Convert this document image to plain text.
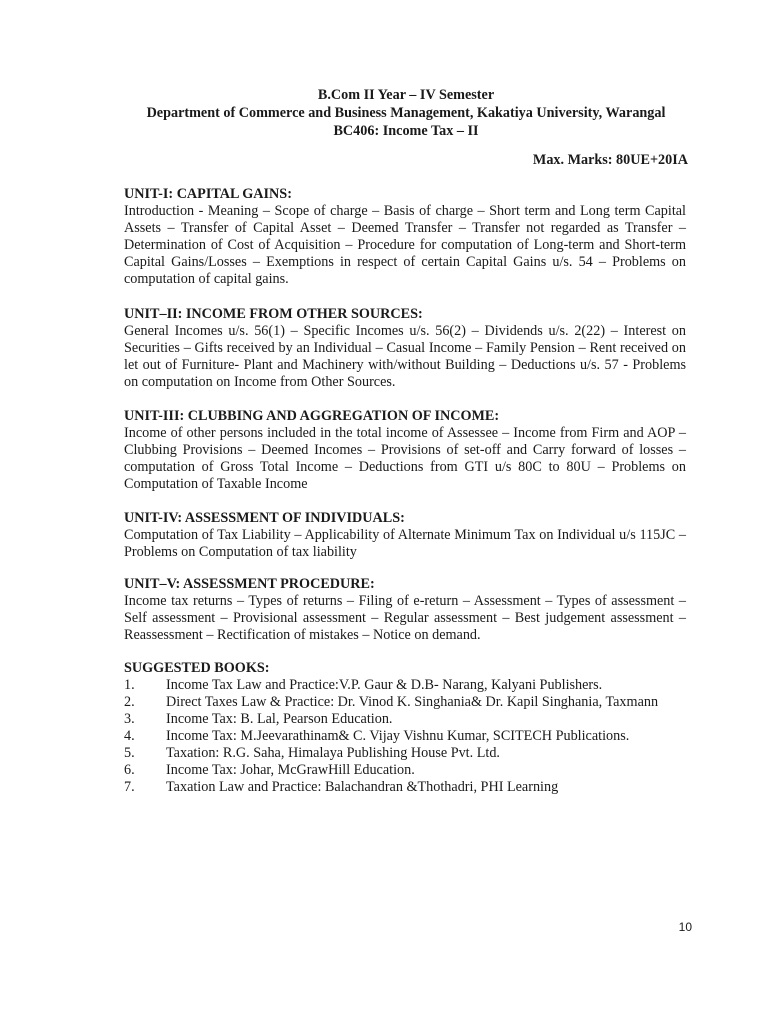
B.Com II Year – IV Semester
Department of Commerce and Business Management, Kakatiya University, Warangal
BC406: Income Tax – II
Max. Marks: 80UE+20IA
UNIT-I: CAPITAL GAINS:

Introduction - Meaning – Scope of charge – Basis of charge – Short term and Long term Capital Assets – Transfer of Capital Asset – Deemed Transfer – Transfer not regarded as Transfer – Determination of Cost of Acquisition – Procedure for computation of Long-term and Short-term Capital Gains/Losses – Exemptions in respect of certain Capital Gains u/s. 54 – Problems on computation of capital gains.

UNIT–II: INCOME FROM OTHER SOURCES:

General Incomes u/s. 56(1) – Specific Incomes u/s. 56(2) – Dividends u/s. 2(22) – Interest on Securities – Gifts received by an Individual – Casual Income – Family Pension – Rent received on let out of Furniture- Plant and Machinery with/without Building – Deductions u/s. 57 - Problems on computation on Income from Other Sources.

UNIT-III: CLUBBING AND AGGREGATION OF INCOME:

Income of other persons included in the total income of Assessee – Income from Firm and AOP – Clubbing Provisions – Deemed Incomes – Provisions of set-off and Carry forward of losses – computation of Gross Total Income – Deductions from GTI u/s 80C to 80U – Problems on Computation of Taxable Income

UNIT-IV: ASSESSMENT OF INDIVIDUALS:

Computation of Tax Liability – Applicability of Alternate Minimum Tax on Individual u/s 115JC – Problems on Computation of tax liability

UNIT–V: ASSESSMENT PROCEDURE:

Income tax returns – Types of returns – Filing of e-return – Assessment – Types of assessment – Self assessment – Provisional assessment – Regular assessment – Best judgement assessment – Reassessment – Rectification of mistakes – Notice on demand.

SUGGESTED BOOKS:
1.	Income Tax Law and Practice:V.P. Gaur & D.B- Narang, Kalyani Publishers.
2.	Direct Taxes Law & Practice: Dr. Vinod K. Singhania& Dr. Kapil Singhania, Taxmann
3.	Income Tax: B. Lal, Pearson Education.
4.	Income Tax: M.Jeevarathinam& C. Vijay Vishnu Kumar, SCITECH Publications.
5.	Taxation: R.G. Saha, Himalaya Publishing House Pvt. Ltd.
6.	Income Tax: Johar, McGrawHill Education.
7.	Taxation Law and Practice: Balachandran &Thothadri, PHI Learning
10
